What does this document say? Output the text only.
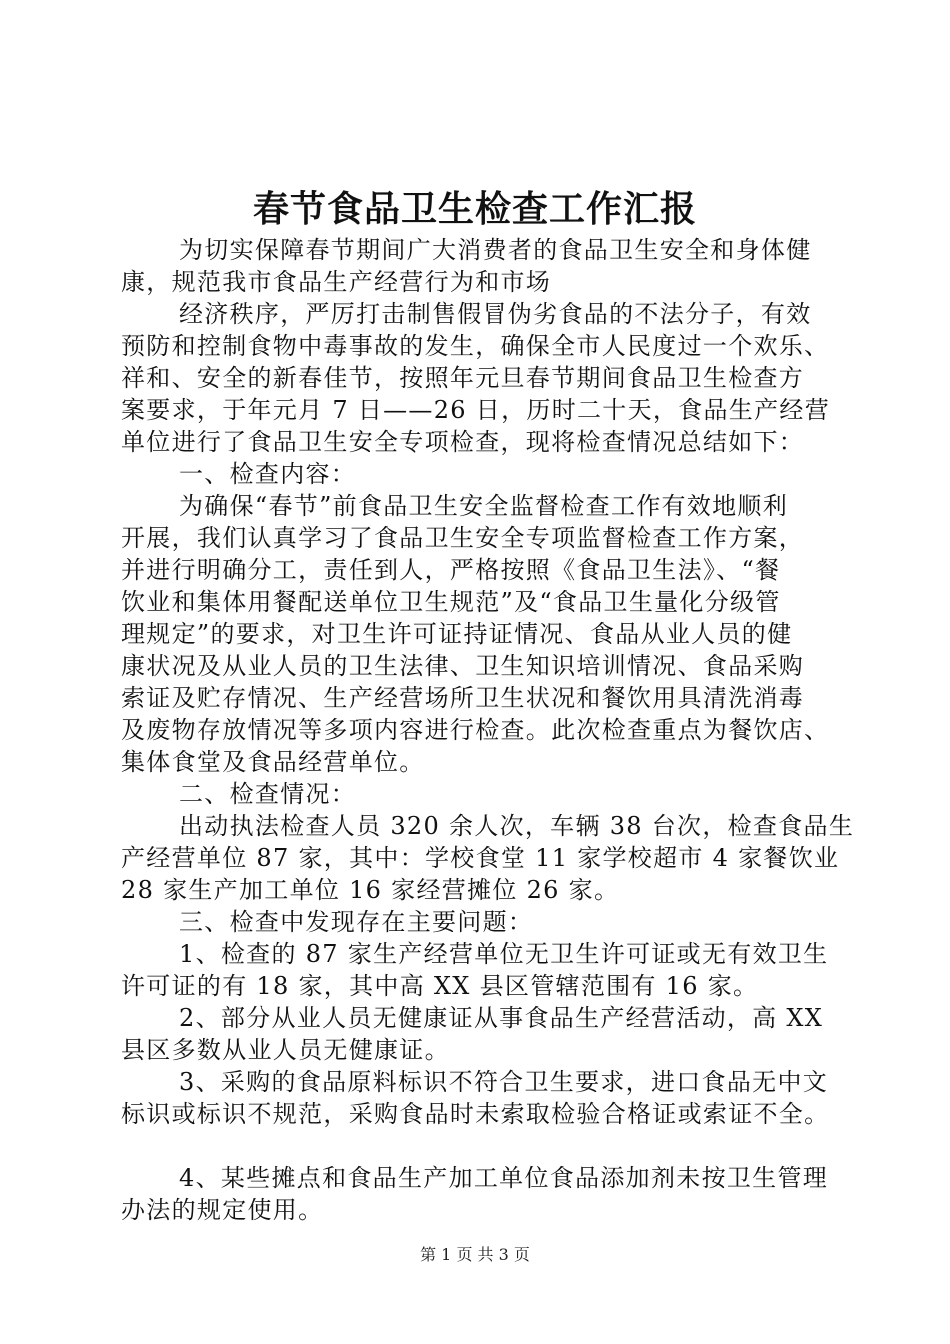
春节食品卫生检查工作汇报
为切实保障春节期间广大消费者的食品卫生安全和身体健
康，规范我市食品生产经营行为和市场
经济秩序，严厉打击制售假冒伪劣食品的不法分子，有效
预防和控制食物中毒事故的发生，确保全市人民度过一个欢乐、
祥和、安全的新春佳节，按照年元旦春节期间食品卫生检查方
案要求，于年元月 7 日——26 日，历时二十天，食品生产经营
单位进行了食品卫生安全专项检查，现将检查情况总结如下：
一、检查内容：
为确保“春节”前食品卫生安全监督检查工作有效地顺利
开展，我们认真学习了食品卫生安全专项监督检查工作方案，
并进行明确分工，责任到人，严格按照《食品卫生法》、“餐
饮业和集体用餐配送单位卫生规范”及“食品卫生量化分级管
理规定”的要求，对卫生许可证持证情况、食品从业人员的健
康状况及从业人员的卫生法律、卫生知识培训情况、食品采购
索证及贮存情况、生产经营场所卫生状况和餐饮用具清洗消毒
及废物存放情况等多项内容进行检查。此次检查重点为餐饮店、
集体食堂及食品经营单位。
二、检查情况：
出动执法检查人员 320 余人次，车辆 38 台次，检查食品生
产经营单位 87 家，其中：学校食堂 11 家学校超市 4 家餐饮业
28 家生产加工单位 16 家经营摊位 26 家。
三、检查中发现存在主要问题：
1、检查的 87 家生产经营单位无卫生许可证或无有效卫生
许可证的有 18 家，其中高 XX 县区管辖范围有 16 家。
2、部分从业人员无健康证从事食品生产经营活动，高 XX
县区多数从业人员无健康证。
3、采购的食品原料标识不符合卫生要求，进口食品无中文
标识或标识不规范，采购食品时未索取检验合格证或索证不全。
4、某些摊点和食品生产加工单位食品添加剂未按卫生管理
办法的规定使用。
第 1 页 共 3 页
